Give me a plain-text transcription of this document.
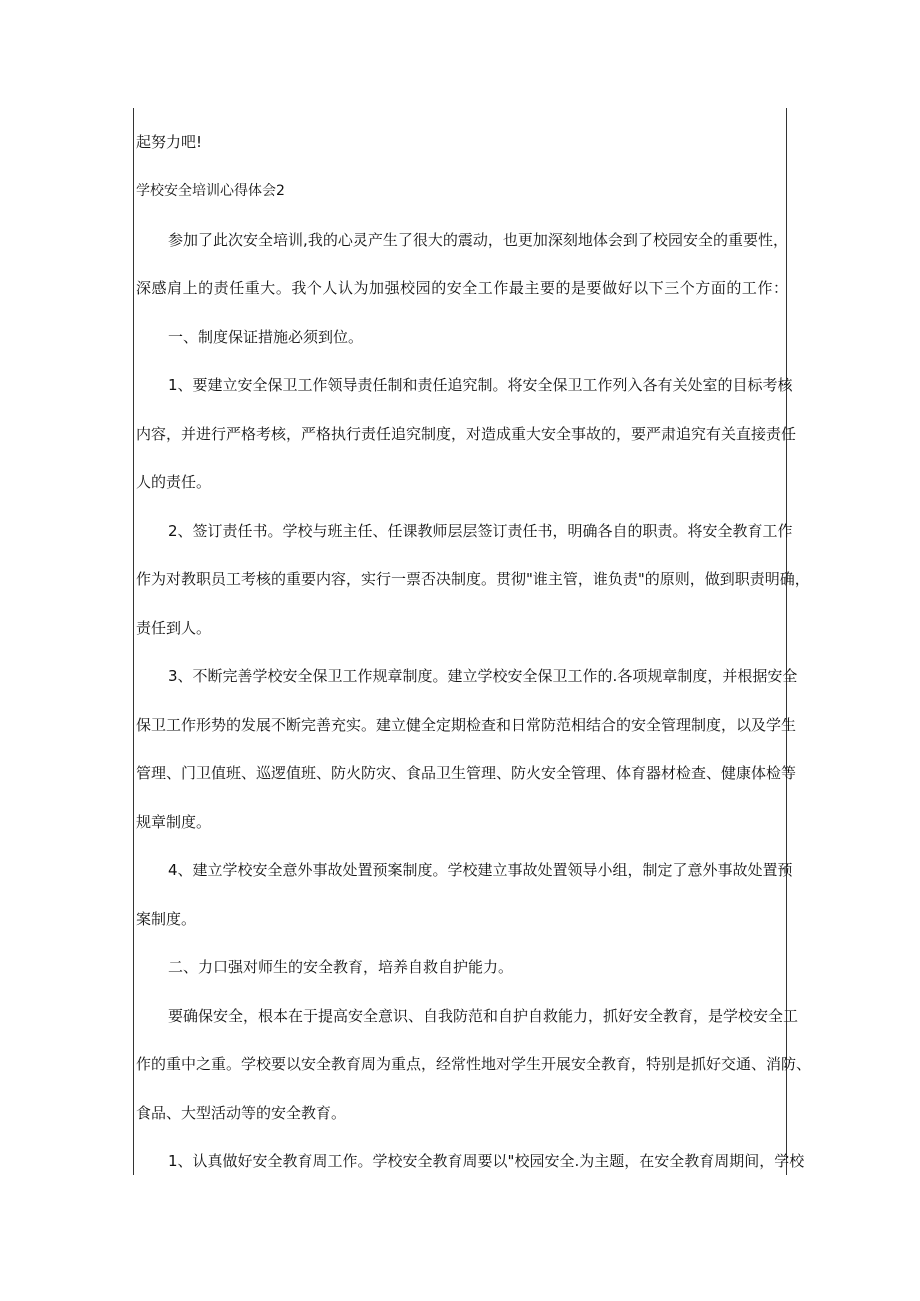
起努力吧!
学校安全培训心得体会2
参加了此次安全培训,我的心灵产生了很大的震动，也更加深刻地体会到了校园安全的重要性，
深感肩上的责任重大。我个人认为加强校园的安全工作最主要的是要做好以下三个方面的工作：
一、制度保证措施必须到位。
1、要建立安全保卫工作领导责任制和责任追究制。将安全保卫工作列入各有关处室的目标考核
内容，并进行严格考核，严格执行责任追究制度，对造成重大安全事故的，要严肃追究有关直接责任
人的责任。
2、签订责任书。学校与班主任、任课教师层层签订责任书，明确各自的职责。将安全教育工作
作为对教职员工考核的重要内容，实行一票否决制度。贯彻"谁主管，谁负责"的原则，做到职责明确，
责任到人。
3、不断完善学校安全保卫工作规章制度。建立学校安全保卫工作的.各项规章制度，并根据安全
保卫工作形势的发展不断完善充实。建立健全定期检查和日常防范相结合的安全管理制度，以及学生
管理、门卫值班、巡逻值班、防火防灾、食品卫生管理、防火安全管理、体育器材检查、健康体检等
规章制度。
4、建立学校安全意外事故处置预案制度。学校建立事故处置领导小组，制定了意外事故处置预
案制度。
二、力口强对师生的安全教育，培养自救自护能力。
要确保安全，根本在于提高安全意识、自我防范和自护自救能力，抓好安全教育，是学校安全工
作的重中之重。学校要以安全教育周为重点，经常性地对学生开展安全教育，特别是抓好交通、消防、
食品、大型活动等的安全教育。
1、认真做好安全教育周工作。学校安全教育周要以"校园安全.为主题，在安全教育周期间，学校
